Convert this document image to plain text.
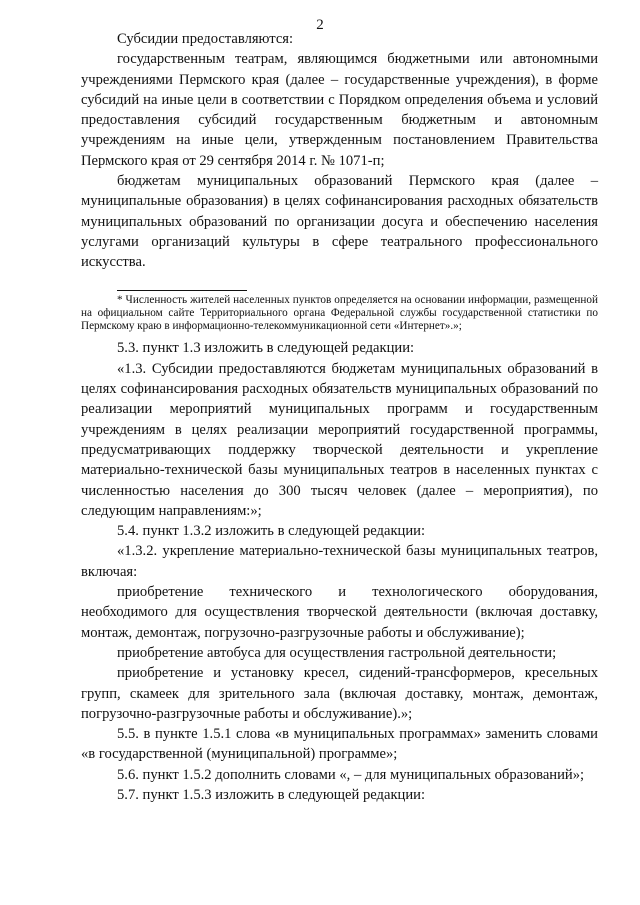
2

Субсидии предоставляются:

государственным театрам, являющимся бюджетными или автономными учреждениями Пермского края (далее – государственные учреждения), в форме субсидий на иные цели в соответствии с Порядком определения объема и условий предоставления субсидий государственным бюджетным и автономным учреждениям на иные цели, утвержденным постановлением Правительства Пермского края от 29 сентября 2014 г. № 1071-п;

бюджетам муниципальных образований Пермского края (далее – муниципальные образования) в целях софинансирования расходных обязательств муниципальных образований по организации досуга и обеспечению населения услугами организаций культуры в сфере театрального профессионального искусства.

* Численность жителей населенных пунктов определяется на основании информации, размещенной на официальном сайте Территориального органа Федеральной службы государственной статистики по Пермскому краю в информационно-телекоммуникационной сети «Интернет».»;

5.3. пункт 1.3 изложить в следующей редакции:

«1.3. Субсидии предоставляются бюджетам муниципальных образований в целях софинансирования расходных обязательств муниципальных образований по реализации мероприятий муниципальных программ и государственным учреждениям в целях реализации мероприятий государственной программы, предусматривающих поддержку творческой деятельности и укрепление материально-технической базы муниципальных театров в населенных пунктах с численностью населения до 300 тысяч человек (далее – мероприятия), по следующим направлениям:»;

5.4. пункт 1.3.2 изложить в следующей редакции:

«1.3.2. укрепление материально-технической базы муниципальных театров, включая:

приобретение технического и технологического оборудования, необходимого для осуществления творческой деятельности (включая доставку, монтаж, демонтаж, погрузочно-разгрузочные работы и обслуживание);

приобретение автобуса для осуществления гастрольной деятельности;

приобретение и установку кресел, сидений-трансформеров, кресельных групп, скамеек для зрительного зала (включая доставку, монтаж, демонтаж, погрузочно-разгрузочные работы и обслуживание).»;

5.5. в пункте 1.5.1 слова «в муниципальных программах» заменить словами «в государственной (муниципальной) программе»;

5.6. пункт 1.5.2 дополнить словами «, – для муниципальных образований»;

5.7. пункт 1.5.3 изложить в следующей редакции:
